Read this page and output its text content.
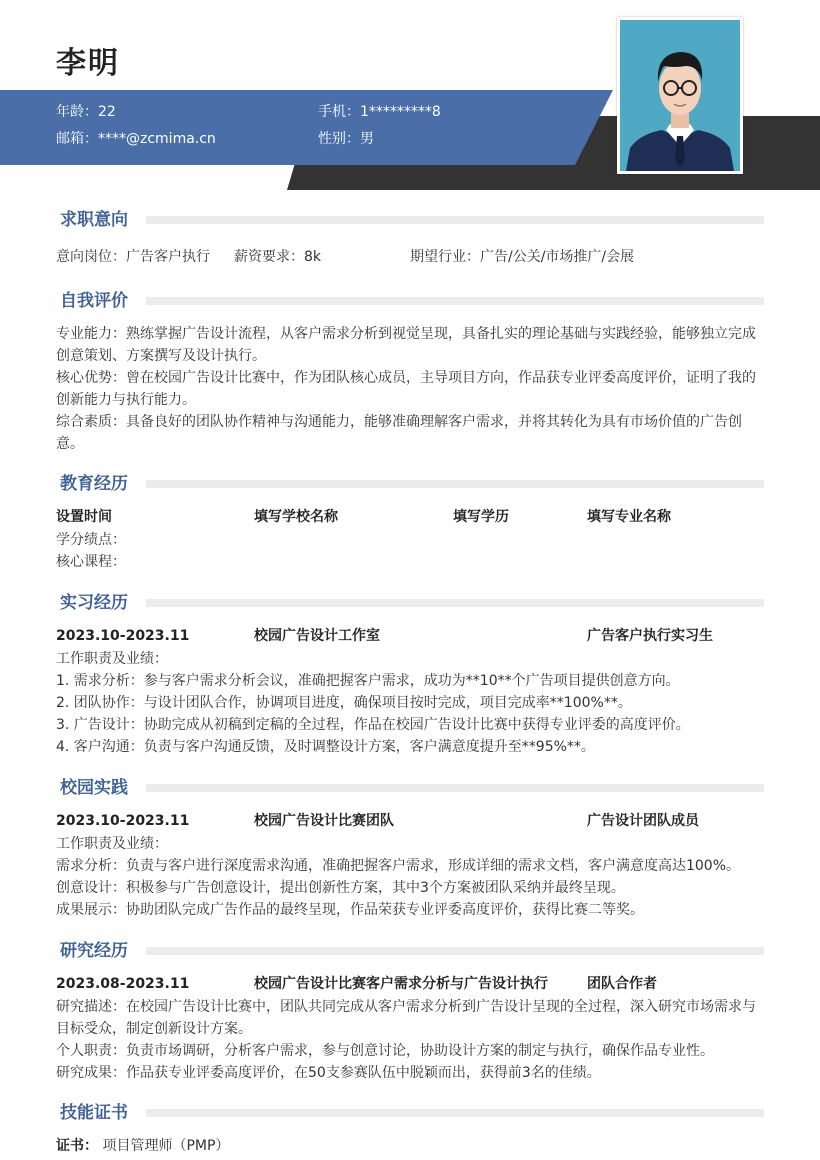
李明
年龄：22	手机：1*********8
邮箱：****@zcmima.cn	性别：男
求职意向
意向岗位：广告客户执行 薪资要求：8k	期望行业：广告/公关/市场推广/会展
自我评价
专业能力：熟练掌握广告设计流程，从客户需求分析到视觉呈现，具备扎实的理论基础与实践经验，能够独立完成
创意策划、方案撰写及设计执行。
核心优势：曾在校园广告设计比赛中，作为团队核心成员，主导项目方向，作品获专业评委高度评价，证明了我的
创新能力与执行能力。
综合素质：具备良好的团队协作精神与沟通能力，能够准确理解客户需求，并将其转化为具有市场价值的广告创
意。
教育经历
设置时间	填写学校名称	填写学历	填写专业名称
学分绩点：
核心课程：
实习经历
2023.10-2023.11	校园广告设计工作室	广告客户执行实习生
工作职责及业绩：
1. 需求分析：参与客户需求分析会议，准确把握客户需求，成功为**10**个广告项目提供创意方向。
2. 团队协作：与设计团队合作，协调项目进度，确保项目按时完成，项目完成率**100%**。
3. 广告设计：协助完成从初稿到定稿的全过程，作品在校园广告设计比赛中获得专业评委的高度评价。
4. 客户沟通：负责与客户沟通反馈，及时调整设计方案，客户满意度提升至**95%**。
校园实践
2023.10-2023.11	校园广告设计比赛团队	广告设计团队成员
工作职责及业绩：
需求分析：负责与客户进行深度需求沟通，准确把握客户需求，形成详细的需求文档，客户满意度高达100%。
创意设计：积极参与广告创意设计，提出创新性方案，其中3个方案被团队采纳并最终呈现。
成果展示：协助团队完成广告作品的最终呈现，作品荣获专业评委高度评价，获得比赛二等奖。
研究经历
2023.08-2023.11	校园广告设计比赛客户需求分析与广告设计执行	团队合作者
研究描述：在校园广告设计比赛中，团队共同完成从客户需求分析到广告设计呈现的全过程，深入研究市场需求与
目标受众，制定创新设计方案。
个人职责：负责市场调研，分析客户需求，参与创意讨论，协助设计方案的制定与执行，确保作品专业性。
研究成果：作品获专业评委高度评价，在50支参赛队伍中脱颖而出，获得前3名的佳绩。
技能证书
证书： 项目管理师（PMP）
